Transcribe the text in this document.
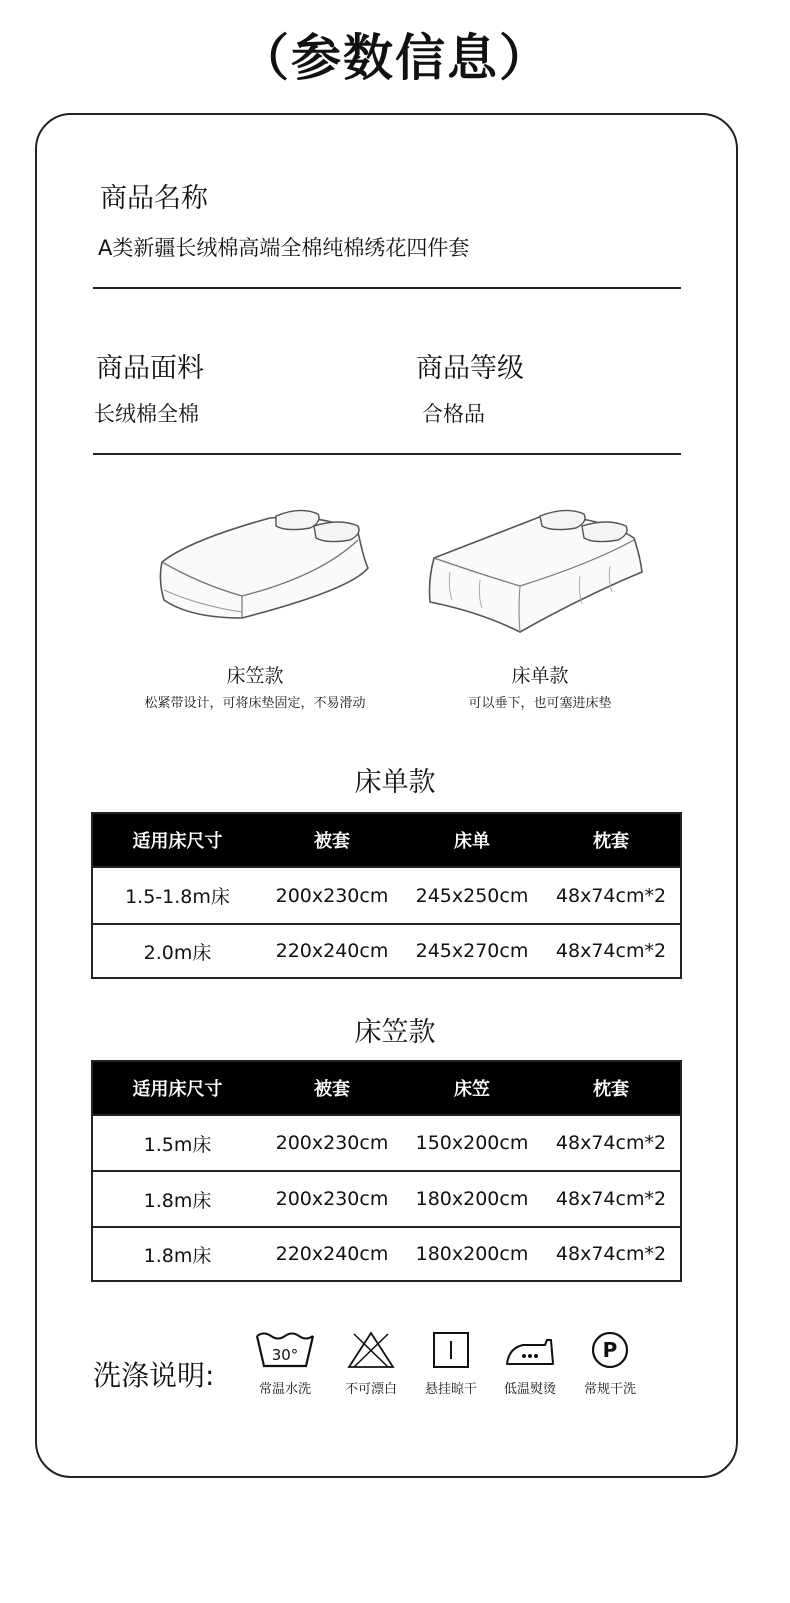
（参数信息）
商品名称
A类新疆长绒棉高端全棉纯棉绣花四件套
商品面料
长绒棉全棉
商品等级
合格品
床笠款
松紧带设计，可将床垫固定，不易滑动
床单款
可以垂下，也可塞进床垫
床单款
适用床尺寸	被套	床单	枕套
1.5-1.8m床	200x230cm	245x250cm	48x74cm*2
2.0m床	220x240cm	245x270cm	48x74cm*2
床笠款
适用床尺寸	被套	床笠	枕套
1.5m床	200x230cm	150x200cm	48x74cm*2
1.8m床	200x230cm	180x200cm	48x74cm*2
1.8m床	220x240cm	180x200cm	48x74cm*2
洗涤说明:
30°
常温水洗	不可漂白	悬挂晾干	低温熨烫
P
常规干洗
